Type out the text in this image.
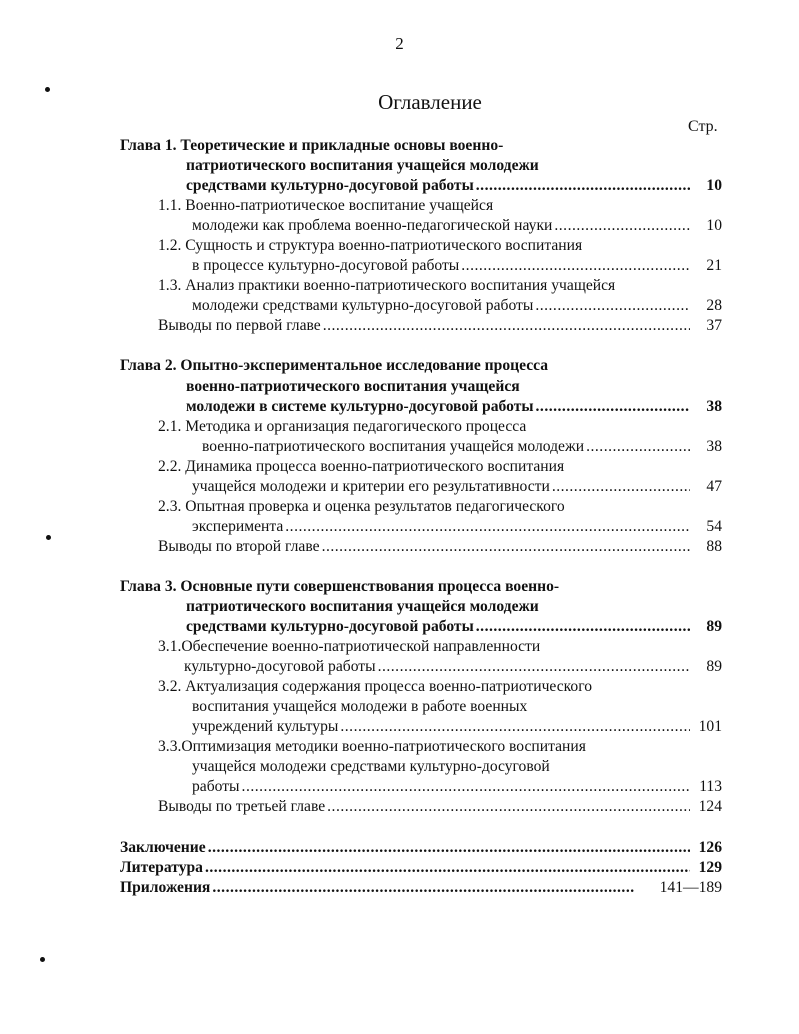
2
Оглавление
Стр.
Глава 1. Теоретические и прикладные основы военно-
патриотического воспитания учащейся молодежи
средствами культурно-досуговой работы .....	10
1.1. Военно-патриотическое воспитание учащейся
молодежи как проблема военно-педагогической науки .....	10
1.2. Сущность и структура военно-патриотического воспитания
в процессе культурно-досуговой работы .....	21
1.3. Анализ практики военно-патриотического воспитания учащейся
молодежи средствами культурно-досуговой работы .....	28
Выводы по первой главе .....	37
Глава 2. Опытно-экспериментальное исследование процесса
военно-патриотического воспитания учащейся
молодежи в системе культурно-досуговой работы .....	38
2.1. Методика и организация педагогического процесса
военно-патриотического воспитания учащейся молодежи .....	38
2.2. Динамика процесса военно-патриотического воспитания
учащейся молодежи и критерии его результативности .....	47
2.3. Опытная проверка и оценка результатов педагогического
эксперимента .....	54
Выводы по второй главе .....	88
Глава 3. Основные пути совершенствования процесса военно-
патриотического воспитания учащейся молодежи
средствами культурно-досуговой работы .....	89
3.1.Обеспечение военно-патриотической направленности
культурно-досуговой работы .....	89
3.2. Актуализация содержания процесса военно-патриотического
воспитания учащейся молодежи в работе военных
учреждений культуры .....	101
3.3.Оптимизация методики военно-патриотического воспитания
учащейся молодежи средствами культурно-досуговой
работы .....	113
Выводы по третьей главе .....	124
Заключение .....	126
Литература .....	129
Приложения .....	141—189
